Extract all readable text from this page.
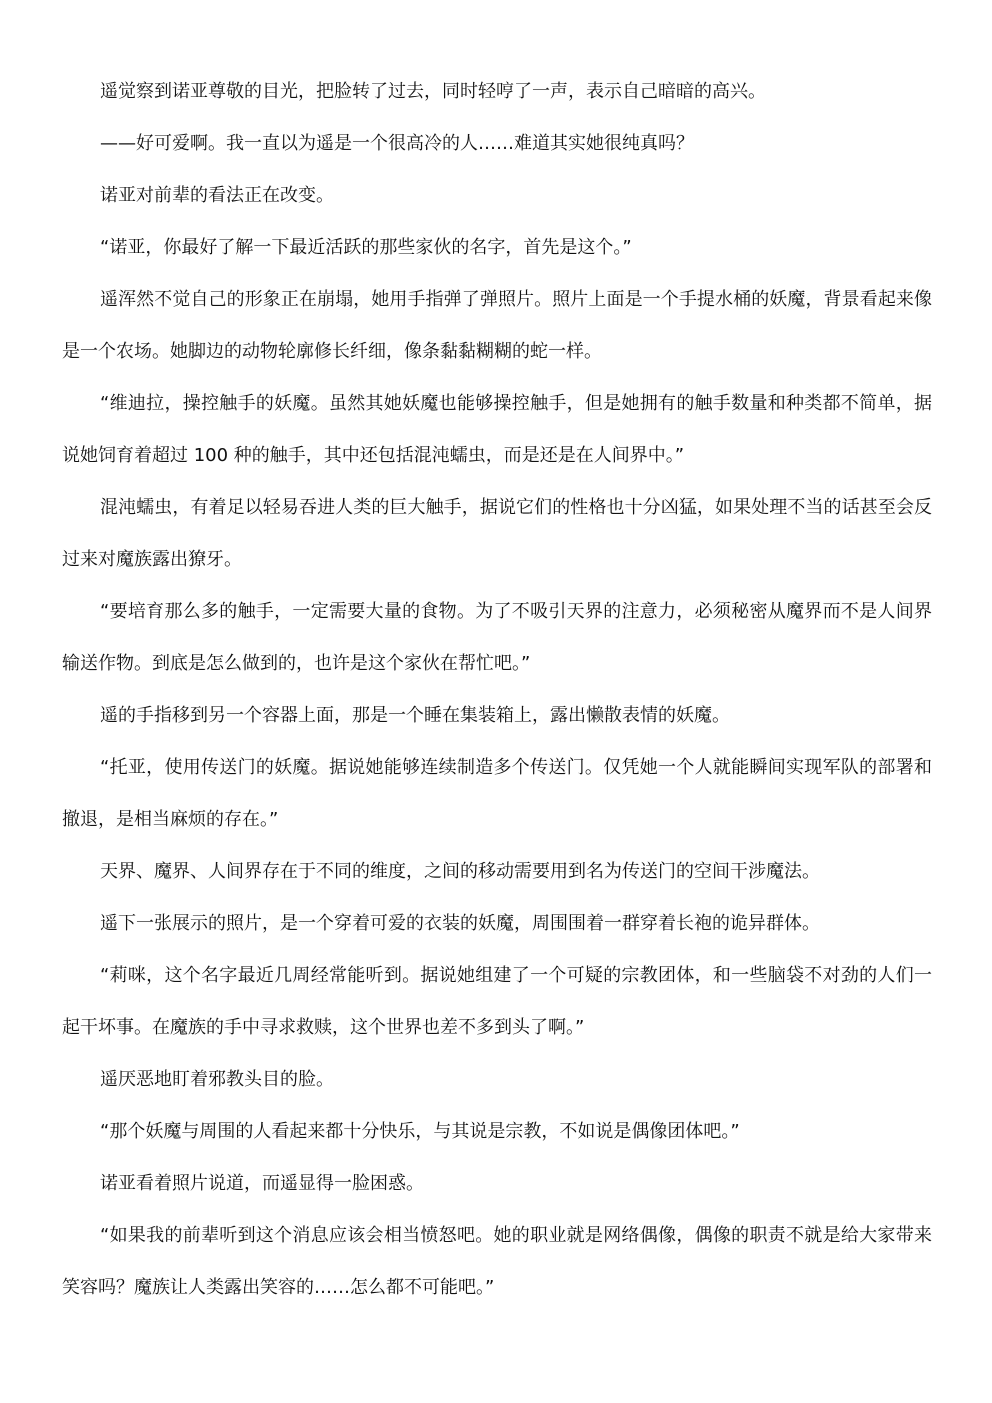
遥觉察到诺亚尊敬的目光，把脸转了过去，同时轻哼了一声，表示自己暗暗的高兴。

——好可爱啊。我一直以为遥是一个很高冷的人……难道其实她很纯真吗？

诺亚对前辈的看法正在改变。

“诺亚，你最好了解一下最近活跃的那些家伙的名字，首先是这个。”

遥浑然不觉自己的形象正在崩塌，她用手指弹了弹照片。照片上面是一个手提水桶的妖魔，背景看起来像是一个农场。她脚边的动物轮廓修长纤细，像条黏黏糊糊的蛇一样。

“维迪拉，操控触手的妖魔。虽然其她妖魔也能够操控触手，但是她拥有的触手数量和种类都不简单，据说她饲育着超过 100 种的触手，其中还包括混沌蠕虫，而是还是在人间界中。”

混沌蠕虫，有着足以轻易吞进人类的巨大触手，据说它们的性格也十分凶猛，如果处理不当的话甚至会反过来对魔族露出獠牙。

“要培育那么多的触手，一定需要大量的食物。为了不吸引天界的注意力，必须秘密从魔界而不是人间界输送作物。到底是怎么做到的，也许是这个家伙在帮忙吧。”

遥的手指移到另一个容器上面，那是一个睡在集装箱上，露出懒散表情的妖魔。

“托亚，使用传送门的妖魔。据说她能够连续制造多个传送门。仅凭她一个人就能瞬间实现军队的部署和撤退，是相当麻烦的存在。”

天界、魔界、人间界存在于不同的维度，之间的移动需要用到名为传送门的空间干涉魔法。

遥下一张展示的照片，是一个穿着可爱的衣装的妖魔，周围围着一群穿着长袍的诡异群体。

“莉咪，这个名字最近几周经常能听到。据说她组建了一个可疑的宗教团体，和一些脑袋不对劲的人们一起干坏事。在魔族的手中寻求救赎，这个世界也差不多到头了啊。”

遥厌恶地盯着邪教头目的脸。

“那个妖魔与周围的人看起来都十分快乐，与其说是宗教，不如说是偶像团体吧。”

诺亚看着照片说道，而遥显得一脸困惑。

“如果我的前辈听到这个消息应该会相当愤怒吧。她的职业就是网络偶像，偶像的职责不就是给大家带来笑容吗？魔族让人类露出笑容的……怎么都不可能吧。”
